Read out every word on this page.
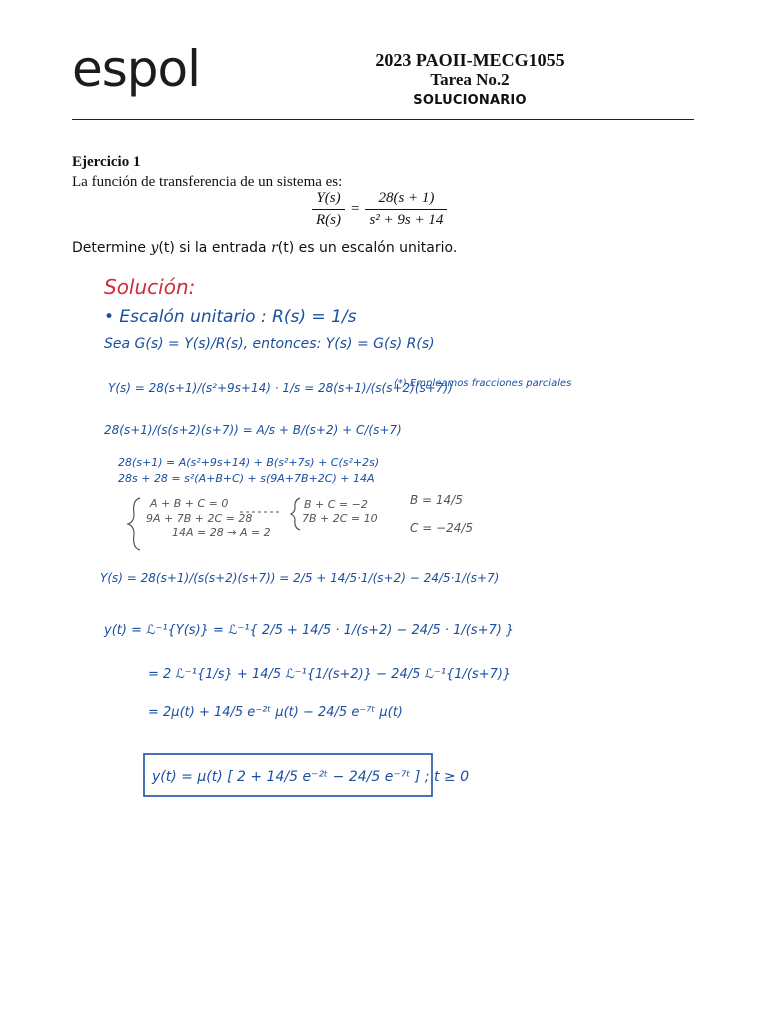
espol	2023 PAOII-MECG1055
Tarea No.2
SOLUCIONARIO
Ejercicio 1
La función de transferencia de un sistema es:
$\frac{Y(s)}{R(s)} = \frac{28(s + 1)}{\text{s² + 9s + 14}}$
Determine y(t) si la entrada r(t) es un escalón unitario.
Solución:
• Escalón unitario : R(s) = 1/s
Sea G(s) = Y(s)/R(s), entonces: Y(s) = G(s) R(s)
Y(s) = 28(s+1)/(s²+9s+14) · 1/s = 28(s+1)/(s(s+2)(s+7))
(*) Empleamos fracciones parciales
28(s+1)/(s(s+2)(s+7)) = A/s + B/(s+2) + C/(s+7)
28(s+1) = A(s²+9s+14) + B(s²+7s) + C(s²+2s)
28s + 28 = s²(A+B+C) + s(9A+7B+2C) + 14A
A + B + C = 0
9A + 7B + 2C = 28
14A = 28 → A = 2
B + C = −2
7B + 2C = 10
B = 14/5
C = −24/5
Y(s) = 28(s+1)/(s(s+2)(s+7)) = 2/5 + 14/5·1/(s+2) − 24/5·1/(s+7)
y(t) = ℒ⁻¹{Y(s)} = ℒ⁻¹{ 2/5 + 14/5 · 1/(s+2) − 24/5 · 1/(s+7) }
= 2 ℒ⁻¹{1/s} + 14/5 ℒ⁻¹{1/(s+2)} − 24/5 ℒ⁻¹{1/(s+7)}
= 2μ(t) + 14/5 e⁻²ᵗ μ(t) − 24/5 e⁻⁷ᵗ μ(t)
y(t) = μ(t) [ 2 + 14/5 e⁻²ᵗ − 24/5 e⁻⁷ᵗ ] ; t ≥ 0
